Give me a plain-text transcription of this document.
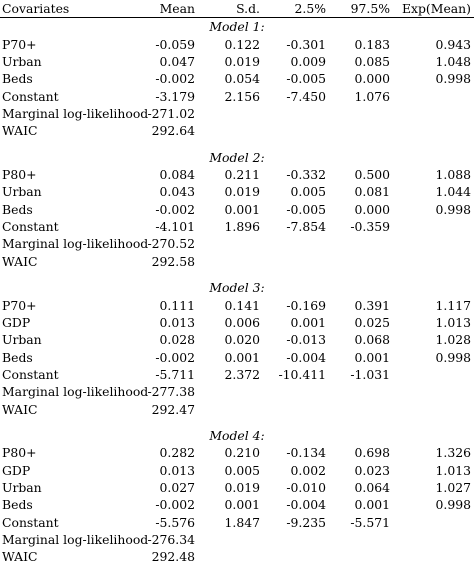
Covariates	Mean	S.d.	2.5%	97.5%	Exp(Mean)
Model 1:					
P70+	-0.059	0.122	-0.301	0.183	0.943
Urban	0.047	0.019	0.009	0.085	1.048
Beds	-0.002	0.054	-0.005	0.000	0.998
Constant	-3.179	2.156	-7.450	1.076	
Marginal log-likelihood	-271.02				
WAIC	292.64				

Model 2:					
P80+	0.084	0.211	-0.332	0.500	1.088
Urban	0.043	0.019	0.005	0.081	1.044
Beds	-0.002	0.001	-0.005	0.000	0.998
Constant	-4.101	1.896	-7.854	-0.359	
Marginal log-likelihood	-270.52				
WAIC	292.58				

Model 3:					
P70+	0.111	0.141	-0.169	0.391	1.117
GDP	0.013	0.006	0.001	0.025	1.013
Urban	0.028	0.020	-0.013	0.068	1.028
Beds	-0.002	0.001	-0.004	0.001	0.998
Constant	-5.711	2.372	-10.411	-1.031	
Marginal log-likelihood	-277.38				
WAIC	292.47				

Model 4:					
P80+	0.282	0.210	-0.134	0.698	1.326
GDP	0.013	0.005	0.002	0.023	1.013
Urban	0.027	0.019	-0.010	0.064	1.027
Beds	-0.002	0.001	-0.004	0.001	0.998
Constant	-5.576	1.847	-9.235	-5.571	
Marginal log-likelihood	-276.34				
WAIC	292.48				
